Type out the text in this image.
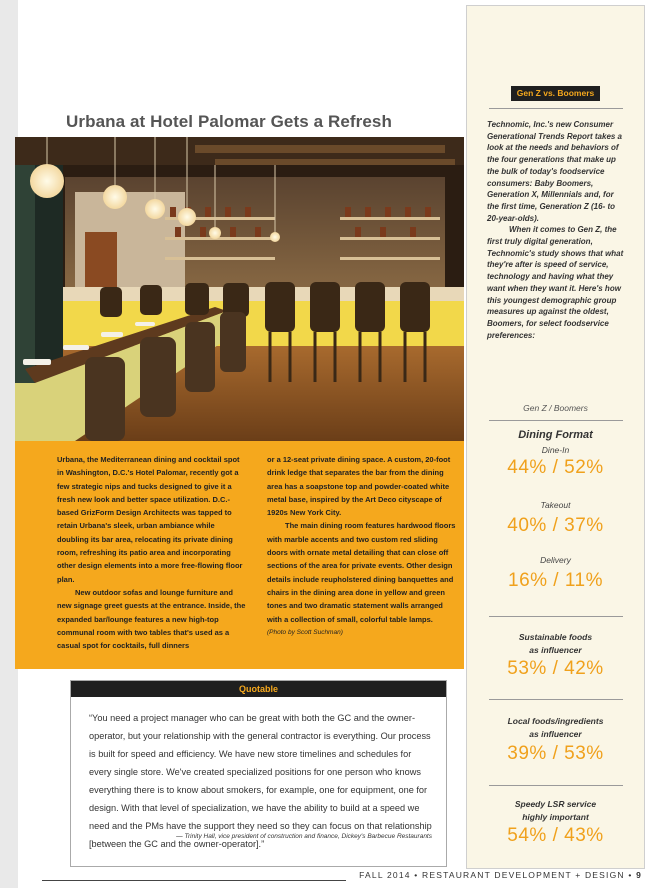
Urbana at Hotel Palomar Gets a Refresh

Urbana, the Mediterranean dining and cocktail spot in Washington, D.C.'s Hotel Palomar, recently got a few strategic nips and tucks designed to give it a fresh new look and better space utilization. D.C.-based GrizForm Design Architects was tapped to retain Urbana's sleek, urban ambiance while doubling its bar area, relocating its private dining room, refreshing its patio area and incorporating other design elements into a more free-flowing floor plan.

New outdoor sofas and lounge furniture and new signage greet guests at the entrance. Inside, the expanded bar/lounge features a new high-top communal room with two tables that's used as a casual spot for cocktails, full dinners

or a 12-seat private dining space. A custom, 20-foot drink ledge that separates the bar from the dining area has a soapstone top and powder-coated white metal base, inspired by the Art Deco cityscape of 1920s New York City.

The main dining room features hardwood floors with marble accents and two custom red sliding doors with ornate metal detailing that can close off sections of the area for private events. Other design details include reupholstered dining banquettes and chairs in the dining area done in yellow and green tones and two dramatic statement walls arranged with a collection of small, colorful table lamps.

(Photo by Scott Suchman)

Quotable
“You need a project manager who can be great with both the GC and the owner-operator, but your relationship with the general contractor is everything. Our process is built for speed and efficiency. We have new store timelines and schedules for every single store. We've created specialized positions for one person who knows everything there is to know about smokers, for example, one for equipment, one for design. With that level of specialization, we have the ability to build at a speed we need and the PMs have the support they need so they can focus on that relationship [between the GC and the owner-operator].”
— Trinity Hall, vice president of construction and finance, Dickey's Barbecue Restaurants
Gen Z vs. Boomers

Technomic, Inc.'s new Consumer Generational Trends Report takes a look at the needs and behaviors of the four generations that make up the bulk of today's foodservice consumers: Baby Boomers, Generation X, Millennials and, for the first time, Generation Z (16- to 20-year-olds).

When it comes to Gen Z, the first truly digital generation, Technomic's study shows that what they're after is speed of service, technology and having what they want when they want it. Here's how this youngest demographic group measures up against the oldest, Boomers, for select foodservice preferences:

Gen Z / Boomers
Dining Format
Dine-In
44% / 52%
Takeout
40% / 37%
Delivery
16% / 11%
Sustainable foods
as influencer
53% / 42%
Local foods/ingredients
as influencer
39% / 53%
Speedy LSR service
highly important
54% / 43%
FALL 2014 • RESTAURANT DEVELOPMENT + DESIGN • 9
